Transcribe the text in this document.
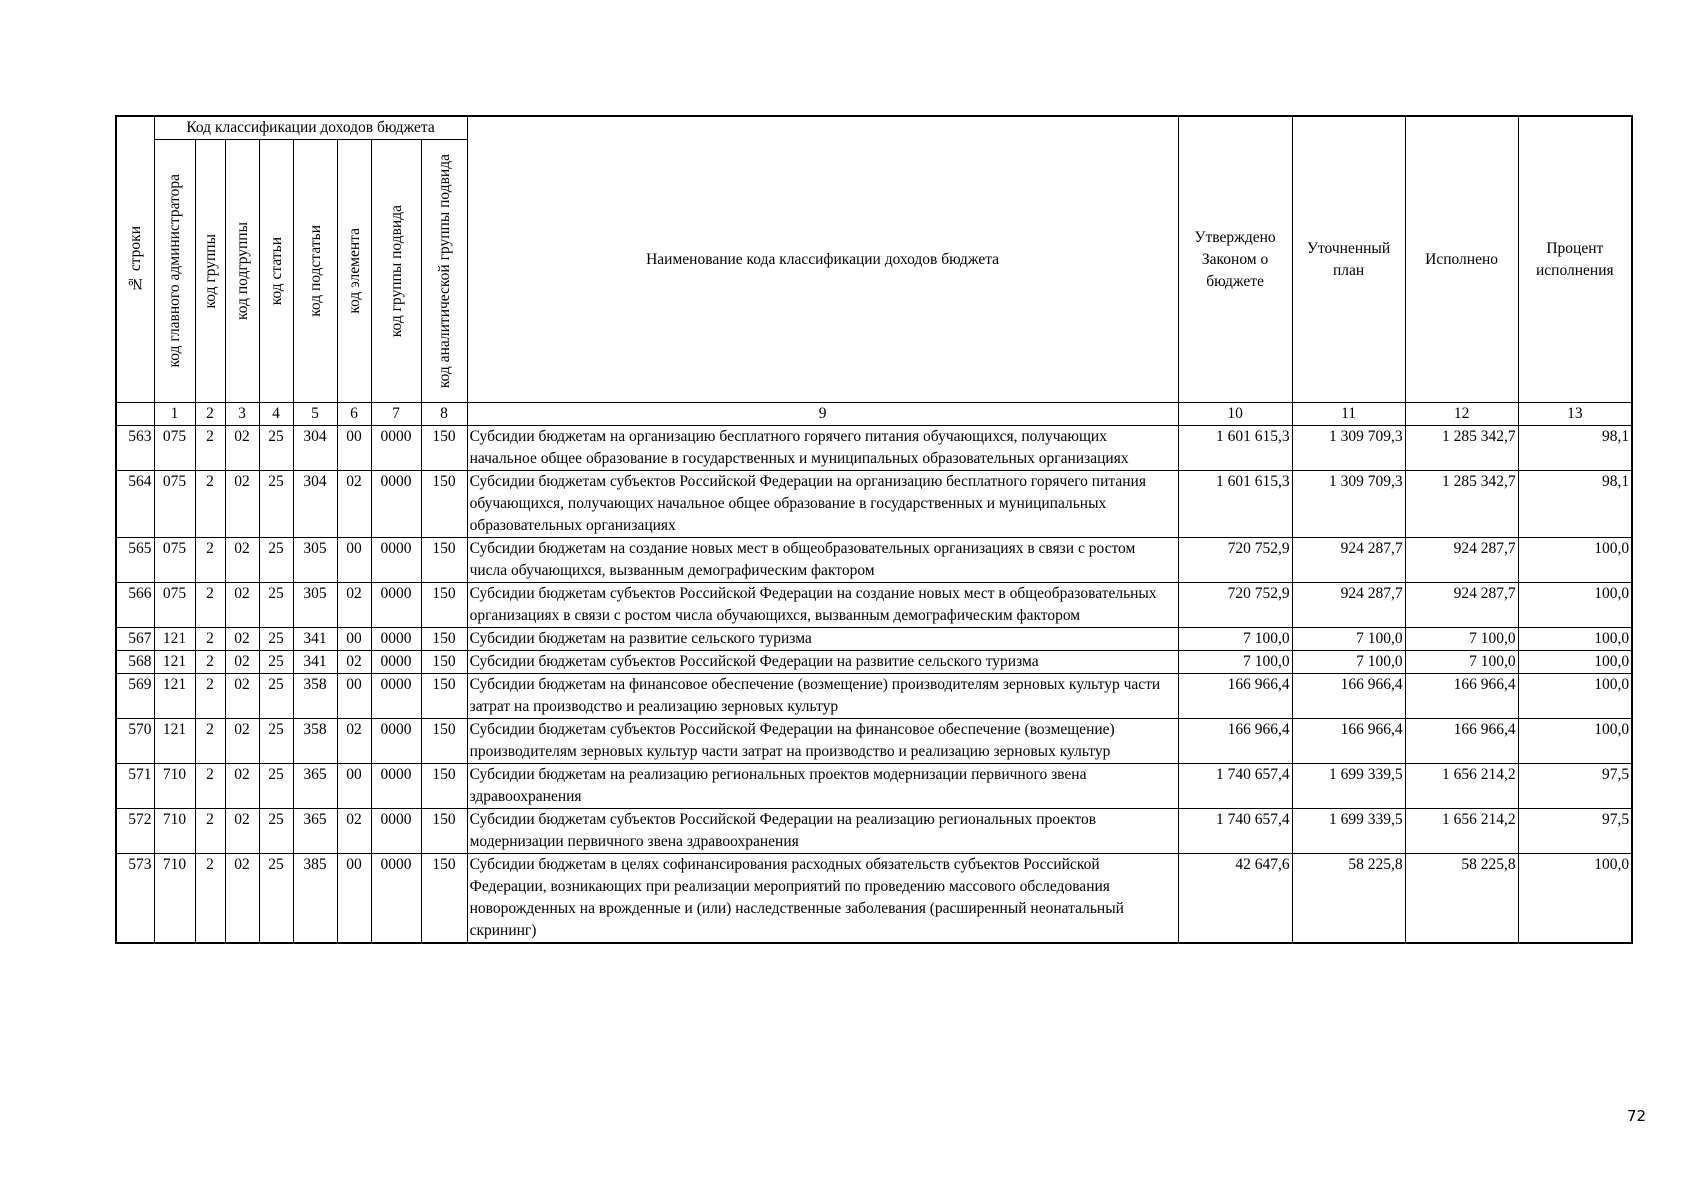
№ строки	Код классификации доходов бюджета								Наименование кода классификации доходов бюджета	Утверждено Законом о бюджете	Уточненный план	Исполнено	Процент исполнения

	код главного администратора	код группы	код подгруппы	код статьи	код подстатьи	код элемента	код группы подвида	код аналитической группы подвида					

	1	2	3	4	5	6	7	8	9	10	11	12	13
563	075	2	02	25	304	00	0000	150	Субсидии бюджетам на организацию бесплатного горячего питания обучающихся, получающих начальное общее образование в государственных и муниципальных образовательных организациях	1 601 615,3	1 309 709,3	1 285 342,7	98,1
564	075	2	02	25	304	02	0000	150	Субсидии бюджетам субъектов Российской Федерации на организацию бесплатного горячего питания обучающихся, получающих начальное общее образование в государственных и муниципальных образовательных организациях	1 601 615,3	1 309 709,3	1 285 342,7	98,1
565	075	2	02	25	305	00	0000	150	Субсидии бюджетам на создание новых мест в общеобразовательных организациях в связи с ростом числа обучающихся, вызванным демографическим фактором	720 752,9	924 287,7	924 287,7	100,0
566	075	2	02	25	305	02	0000	150	Субсидии бюджетам субъектов Российской Федерации на создание новых мест в общеобразовательных организациях в связи с ростом числа обучающихся, вызванным демографическим фактором	720 752,9	924 287,7	924 287,7	100,0
567	121	2	02	25	341	00	0000	150	Субсидии бюджетам на развитие сельского туризма	7 100,0	7 100,0	7 100,0	100,0
568	121	2	02	25	341	02	0000	150	Субсидии бюджетам субъектов Российской Федерации на развитие сельского туризма	7 100,0	7 100,0	7 100,0	100,0
569	121	2	02	25	358	00	0000	150	Субсидии бюджетам на финансовое обеспечение (возмещение) производителям зерновых культур части затрат на производство и реализацию зерновых культур	166 966,4	166 966,4	166 966,4	100,0
570	121	2	02	25	358	02	0000	150	Субсидии бюджетам субъектов Российской Федерации на финансовое обеспечение (возмещение) производителям зерновых культур части затрат на производство и реализацию зерновых культур	166 966,4	166 966,4	166 966,4	100,0
571	710	2	02	25	365	00	0000	150	Субсидии бюджетам на реализацию региональных проектов модернизации первичного звена здравоохранения	1 740 657,4	1 699 339,5	1 656 214,2	97,5
572	710	2	02	25	365	02	0000	150	Субсидии бюджетам субъектов Российской Федерации на реализацию региональных проектов модернизации первичного звена здравоохранения	1 740 657,4	1 699 339,5	1 656 214,2	97,5
573	710	2	02	25	385	00	0000	150	Субсидии бюджетам в целях софинансирования расходных обязательств субъектов Российской Федерации, возникающих при реализации мероприятий по проведению массового обследования новорожденных на врожденные и (или) наследственные заболевания (расширенный неонатальный скрининг)	42 647,6	58 225,8	58 225,8	100,0
72
